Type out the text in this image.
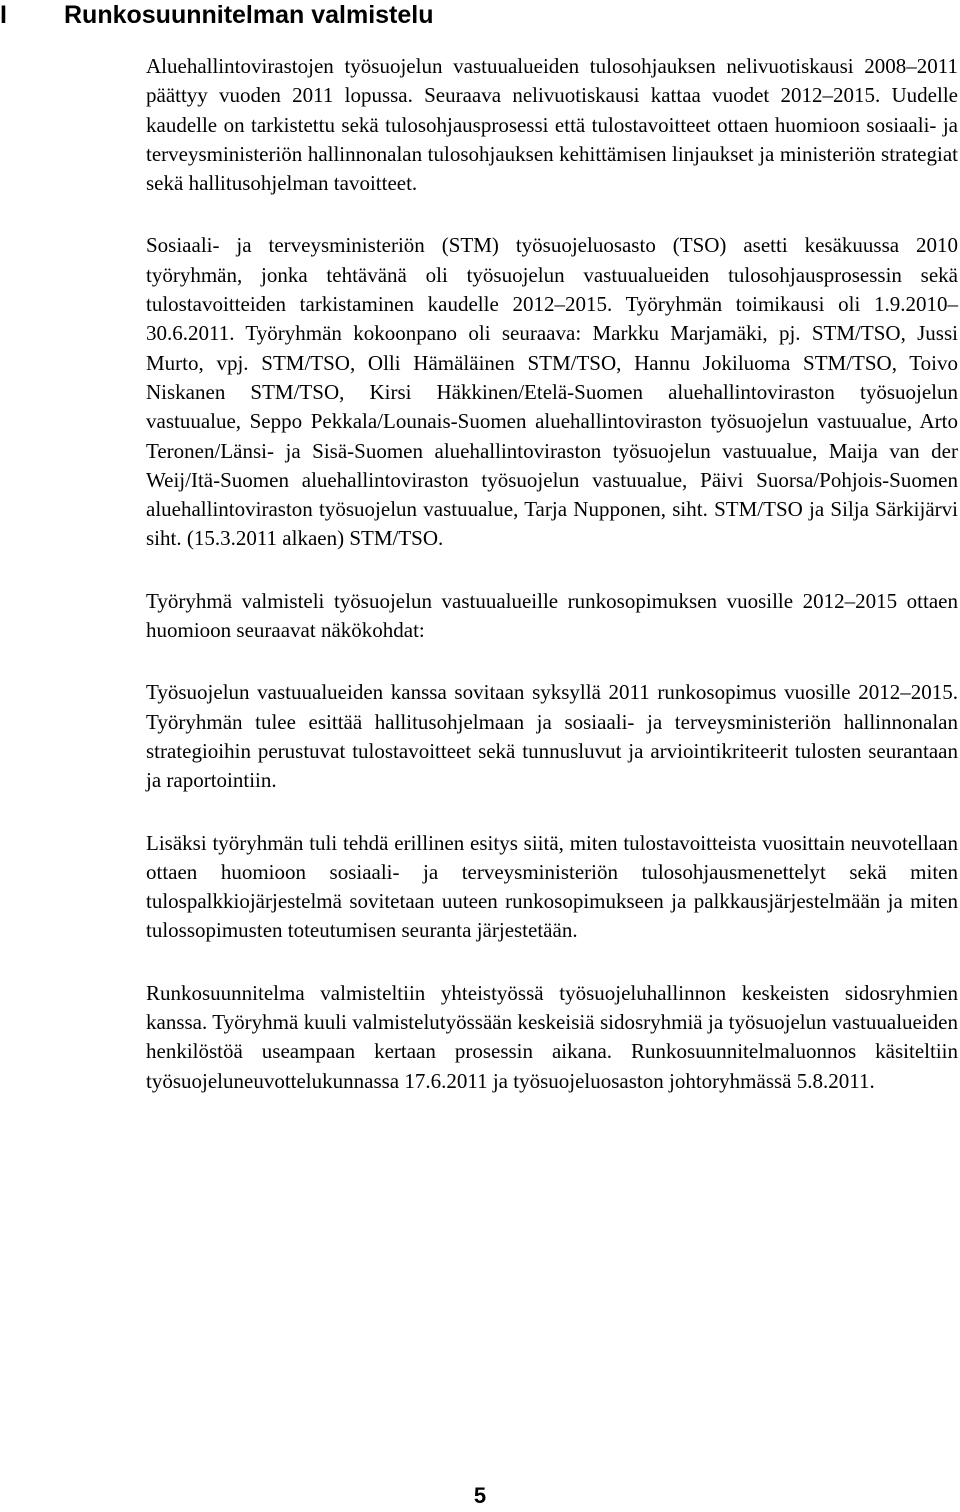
I Runkosuunnitelman valmistelu

Aluehallintovirastojen työsuojelun vastuualueiden tulosohjauksen nelivuotiskausi 2008–2011 päättyy vuoden 2011 lopussa. Seuraava nelivuotiskausi kattaa vuodet 2012–2015. Uudelle kaudelle on tarkistettu sekä tulosohjausprosessi että tulostavoitteet ottaen huomioon sosiaali- ja terveysministeriön hallinnonalan tulosohjauksen kehittämisen linjaukset ja ministeriön strategiat sekä hallitusohjelman tavoitteet.

Sosiaali- ja terveysministeriön (STM) työsuojeluosasto (TSO) asetti kesäkuussa 2010 työryhmän, jonka tehtävänä oli työsuojelun vastuualueiden tulosohjausprosessin sekä tulostavoitteiden tarkistaminen kaudelle 2012–2015. Työryhmän toimikausi oli 1.9.2010–30.6.2011. Työryhmän kokoonpano oli seuraava: Markku Marjamäki, pj. STM/TSO, Jussi Murto, vpj. STM/TSO, Olli Hämäläinen STM/TSO, Hannu Jokiluoma STM/TSO, Toivo Niskanen STM/TSO, Kirsi Häkkinen/Etelä-Suomen aluehallintoviraston työsuojelun vastuualue, Seppo Pekkala/Lounais-Suomen aluehallintoviraston työsuojelun vastuualue, Arto Teronen/Länsi- ja Sisä-Suomen aluehallintoviraston työsuojelun vastuualue, Maija van der Weij/Itä-Suomen aluehallintoviraston työsuojelun vastuualue, Päivi Suorsa/Pohjois-Suomen aluehallintoviraston työsuojelun vastuualue, Tarja Nupponen, siht. STM/TSO ja Silja Särkijärvi siht. (15.3.2011 alkaen) STM/TSO.

Työryhmä valmisteli työsuojelun vastuualueille runkosopimuksen vuosille 2012–2015 ottaen huomioon seuraavat näkökohdat:

Työsuojelun vastuualueiden kanssa sovitaan syksyllä 2011 runkosopimus vuosille 2012–2015. Työryhmän tulee esittää hallitusohjelmaan ja sosiaali- ja terveysministeriön hallinnonalan strategioihin perustuvat tulostavoitteet sekä tunnusluvut ja arviointikriteerit tulosten seurantaan ja raportointiin.

Lisäksi työryhmän tuli tehdä erillinen esitys siitä, miten tulostavoitteista vuosittain neuvotellaan ottaen huomioon sosiaali- ja terveysministeriön tulosohjausmenettelyt sekä miten tulospalkkiojärjestelmä sovitetaan uuteen runkosopimukseen ja palkkausjärjestelmään ja miten tulossopimusten toteutumisen seuranta järjestetään.

Runkosuunnitelma valmisteltiin yhteistyössä työsuojeluhallinnon keskeisten sidosryhmien kanssa. Työryhmä kuuli valmistelutyössään keskeisiä sidosryhmiä ja työsuojelun vastuualueiden henkilöstöä useampaan kertaan prosessin aikana. Runkosuunnitelmaluonnos käsiteltiin työsuojeluneuvottelukunnassa 17.6.2011 ja työsuojeluosaston johtoryhmässä 5.8.2011.

5
